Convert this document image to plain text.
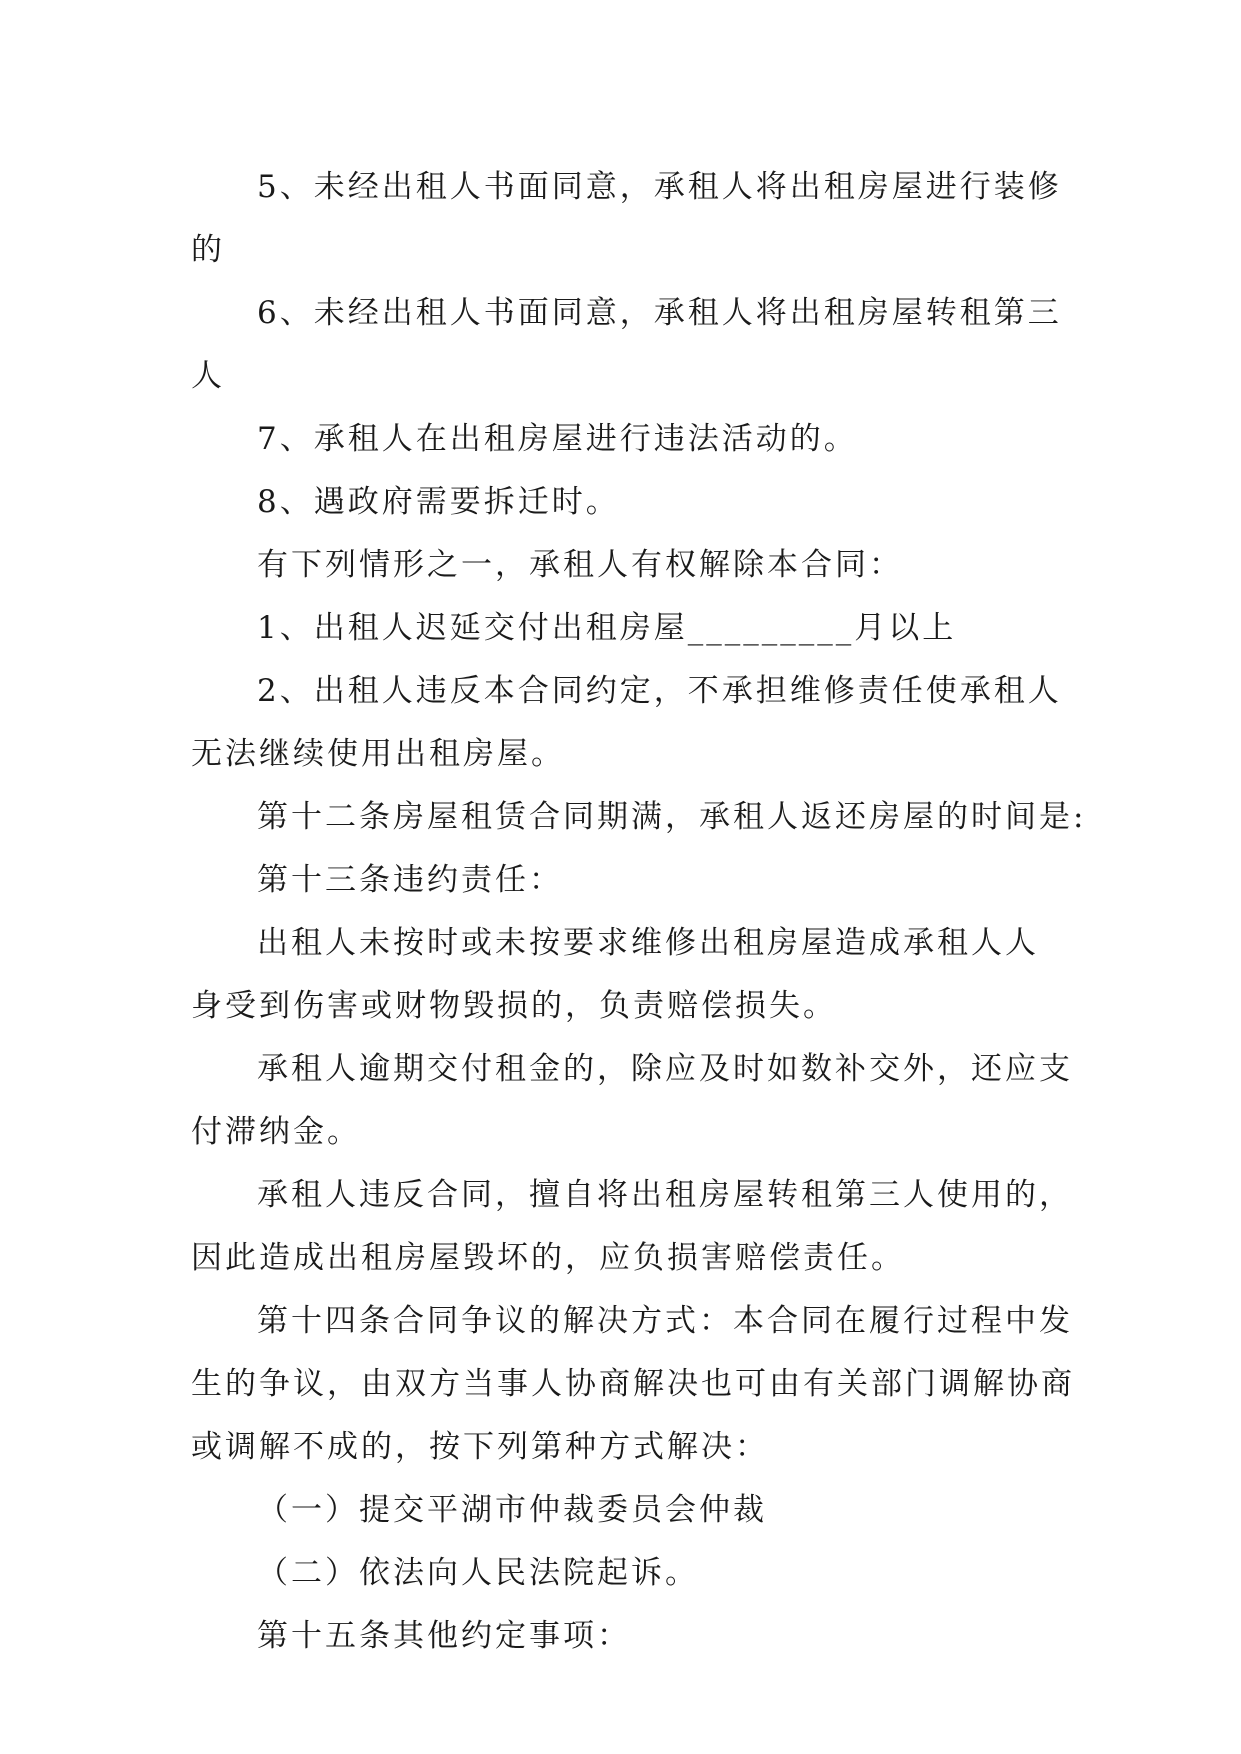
5、未经出租人书面同意，承租人将出租房屋进行装修
的
6、未经出租人书面同意，承租人将出租房屋转租第三
人
7、承租人在出租房屋进行违法活动的。
8、遇政府需要拆迁时。
有下列情形之一，承租人有权解除本合同：
1、出租人迟延交付出租房屋_________月以上
2、出租人违反本合同约定，不承担维修责任使承租人
无法继续使用出租房屋。
第十二条房屋租赁合同期满，承租人返还房屋的时间是:
第十三条违约责任：
出租人未按时或未按要求维修出租房屋造成承租人人
身受到伤害或财物毁损的，负责赔偿损失。
承租人逾期交付租金的，除应及时如数补交外，还应支
付滞纳金。
承租人违反合同，擅自将出租房屋转租第三人使用的，
因此造成出租房屋毁坏的，应负损害赔偿责任。
第十四条合同争议的解决方式：本合同在履行过程中发
生的争议，由双方当事人协商解决也可由有关部门调解协商
或调解不成的，按下列第种方式解决：
（一）提交平湖市仲裁委员会仲裁
（二）依法向人民法院起诉。
第十五条其他约定事项：
